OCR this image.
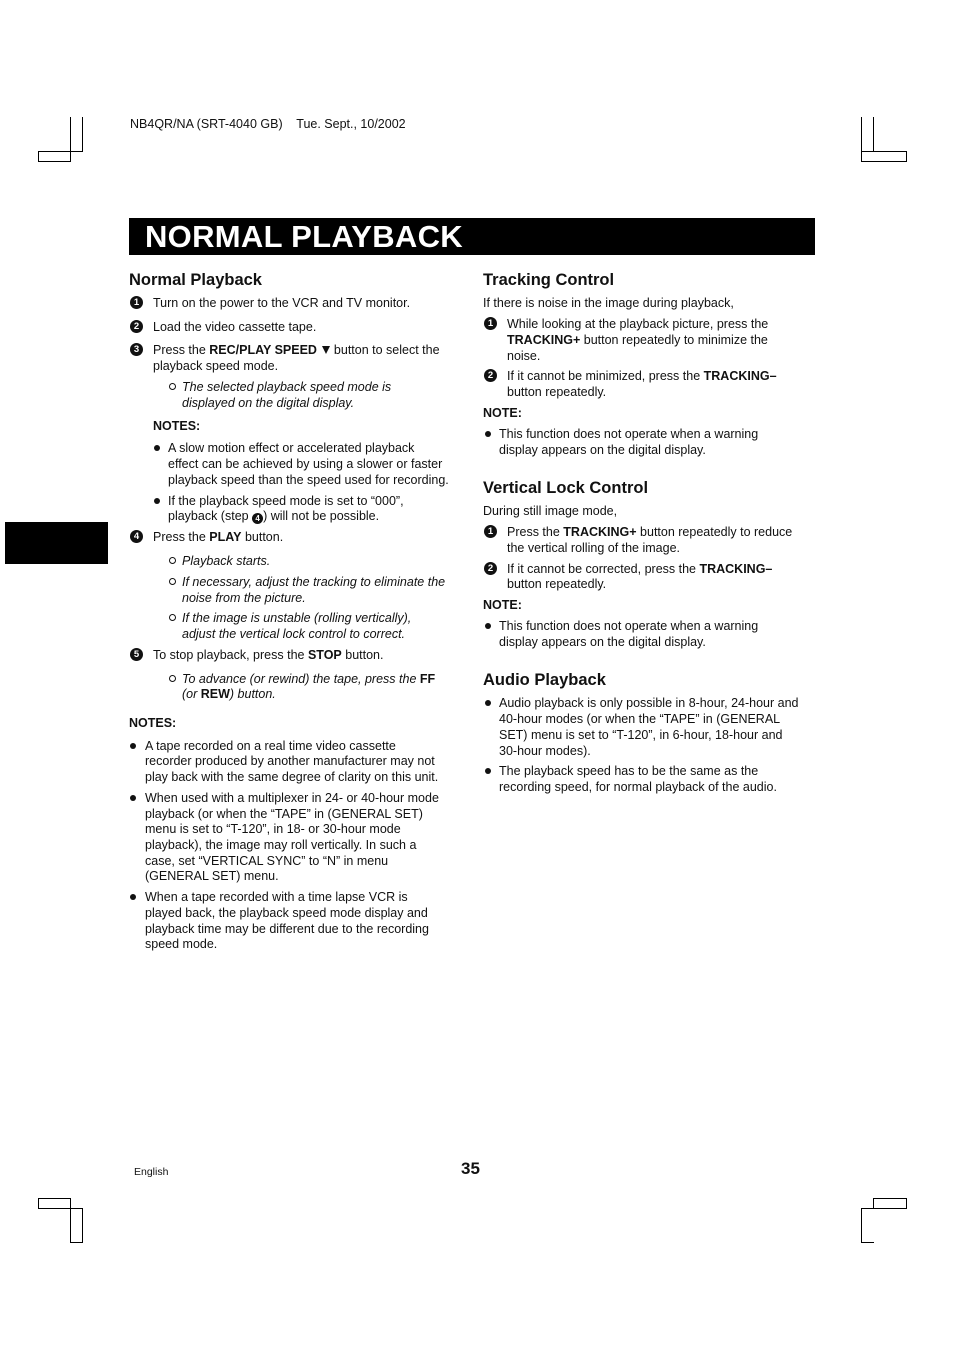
NB4QR/NA (SRT-4040 GB)    Tue. Sept., 10/2002
NORMAL PLAYBACK
Normal Playback
1	Turn on the power to the VCR and TV monitor.
2	Load the video cassette tape.
3	Press the REC/PLAY SPEED  button to select the
playback speed mode.
The selected playback speed mode is
displayed on the digital display.
NOTES:
A slow motion effect or accelerated playback
effect can be achieved by using a slower or faster
playback speed than the speed used for recording.
If the playback speed mode is set to “000”,
playback (step 4 ) will not be possible.
4	Press the PLAY button.
Playback starts.
If necessary, adjust the tracking to eliminate the
noise from the picture.
If the image is unstable (rolling vertically),
adjust the vertical lock control to correct.
5	To stop playback, press the STOP button.
To advance (or rewind) the tape, press the FF
(or REW) button.
NOTES:
A tape recorded on a real time video cassette
recorder produced by another manufacturer may not
play back with the same degree of clarity on this unit.
When used with a multiplexer in 24- or 40-hour mode
playback (or when the “TAPE” in (GENERAL SET)
menu is set to “T-120”, in 18- or 30-hour mode
playback), the image may roll vertically. In such a
case, set “VERTICAL SYNC” to “N” in menu
(GENERAL SET) menu.
When a tape recorded with a time lapse VCR is
played back, the playback speed mode display and
playback time may be different due to the recording
speed mode.
Tracking Control
If there is noise in the image during playback,
1	While looking at the playback picture, press the
TRACKING+ button repeatedly to minimize the
noise.
2	If it cannot be minimized, press the TRACKING–
button repeatedly.
NOTE:
This function does not operate when a warning
display appears on the digital display.
Vertical Lock Control
During still image mode,
1	Press the TRACKING+ button repeatedly to reduce
the vertical rolling of the image.
2	If it cannot be corrected, press the TRACKING–
button repeatedly.
NOTE:
This function does not operate when a warning
display appears on the digital display.
Audio Playback
Audio playback is only possible in 8-hour, 24-hour and
40-hour modes (or when the “TAPE” in (GENERAL
SET) menu is set to “T-120”, in 6-hour, 18-hour and
30-hour modes).
The playback speed has to be the same as the
recording speed, for normal playback of the audio.
English	35
